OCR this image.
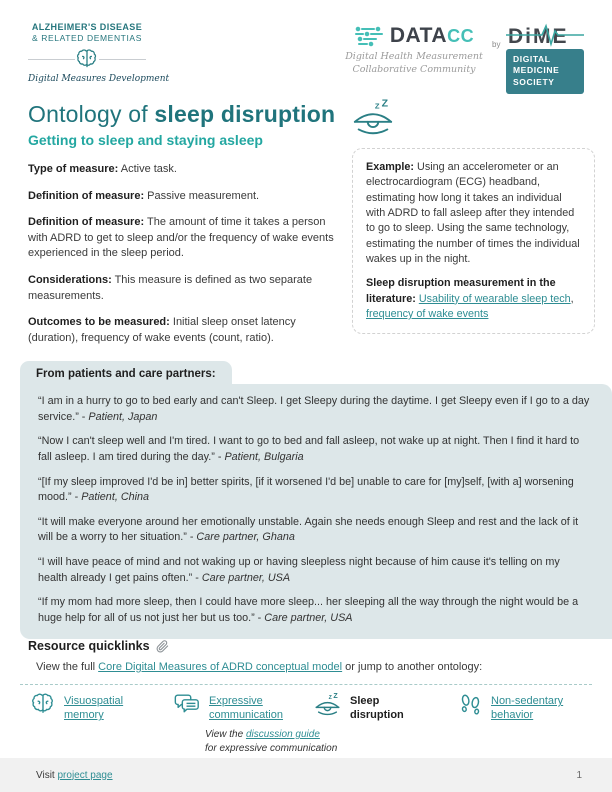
ALZHEIMER'S DISEASE
& RELATED DEMENTIAS
Digital Measures Development
DATACC
Digital Health Measurement
Collaborative Community
by DiME
DIGITAL
MEDICINE
SOCIETY
Ontology of sleep disruption	Z Z
Getting to sleep and staying asleep

Type of measure: Active task.

Definition of measure: Passive measurement.

Definition of measure: The amount of time it takes a person with ADRD to get to sleep and/or the frequency of wake events experienced in the sleep period.

Considerations: This measure is defined as two separate measurements.

Outcomes to be measured: Initial sleep onset latency (duration), frequency of wake events (count, ratio).

Example: Using an accelerometer or an electrocardiogram (ECG) headband, estimating how long it takes an individual with ADRD to fall asleep after they intended to go to sleep. Using the same technology, estimating the number of times the individual wakes up in the night.
Sleep disruption measurement in the literature: Usability of wearable sleep tech, frequency of wake events
From patients and care partners:

“I am in a hurry to go to bed early and can't Sleep. I get Sleepy during the daytime. I get Sleepy even if I go to a day service.” - Patient, Japan

“Now I can't sleep well and I'm tired. I want to go to bed and fall asleep, not wake up at night. Then I find it hard to fall asleep. I am tired during the day.” - Patient, Bulgaria

“[If my sleep improved I'd be in] better spirits, [if it worsened I'd be] unable to care for [my]self, [with a] worsening mood.” - Patient, China

“It will make everyone around her emotionally unstable. Again she needs enough Sleep and rest and the lack of it will be a worry to her situation.” - Care partner, Ghana

“I will have peace of mind and not waking up or having sleepless night because of him cause it's telling on my health already I get pains often.” - Care partner, USA

“If my mom had more sleep, then I could have more sleep... her sleeping all the way through the night would be a huge help for all of us not just her but us too.” - Care partner, USA

Resource quicklinks
View the full Core Digital Measures of ADRD conceptual model or jump to another ontology:
Visuospatial memory
Expressive communication
Z Z Sleep disruption
Non-sedentary behavior
View the discussion guide
for expressive communication
Visit project page	1
